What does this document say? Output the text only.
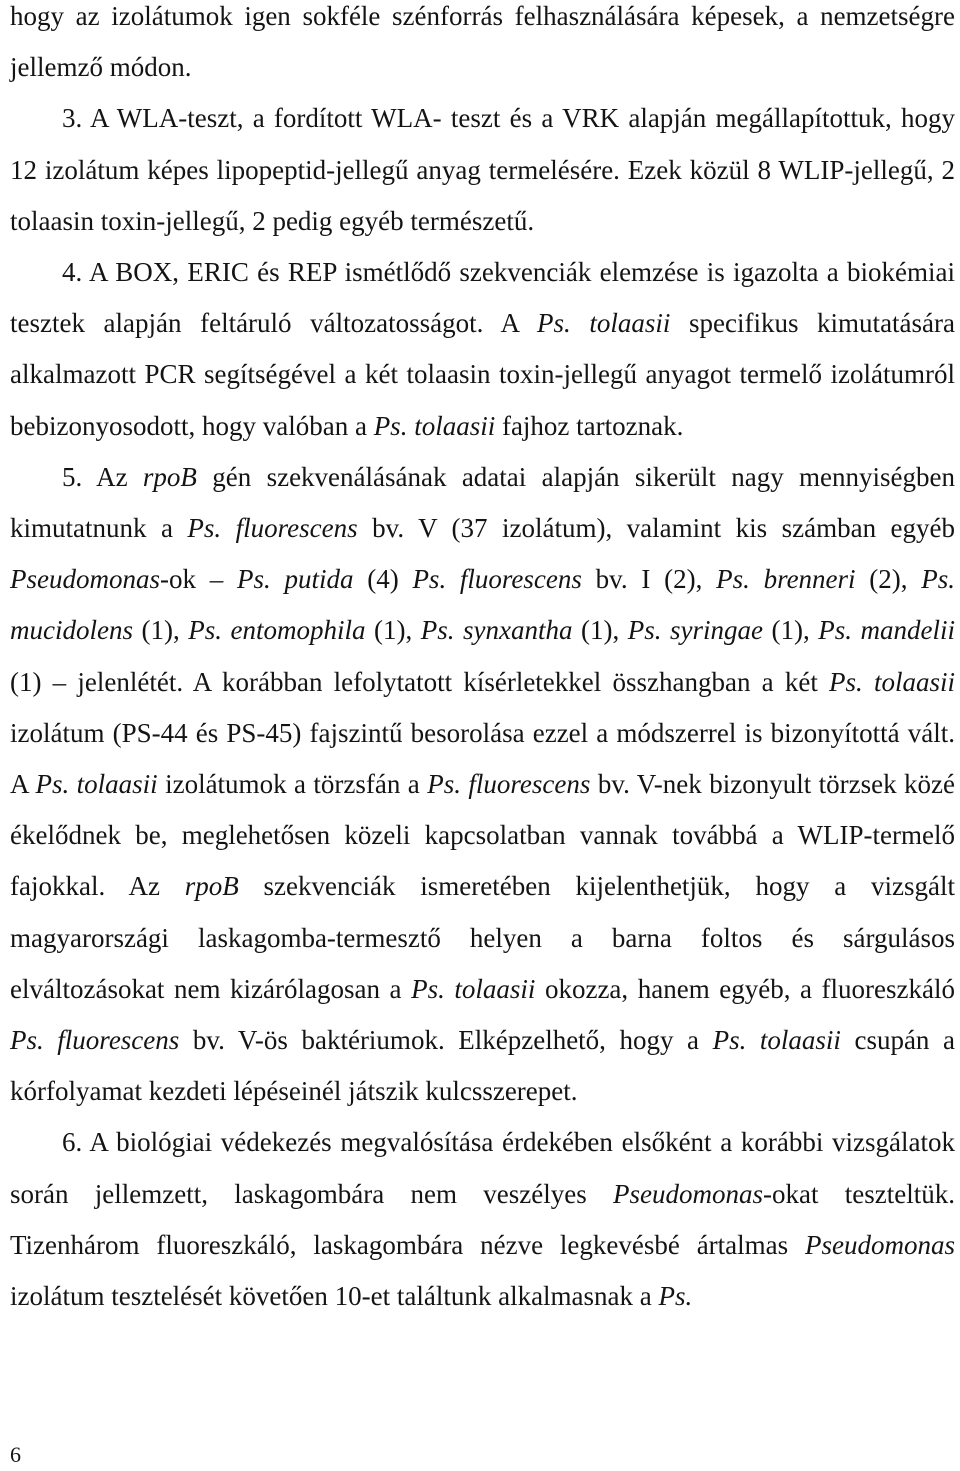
hogy az izolátumok igen sokféle szénforrás felhasználására képesek, a nemzetségre jellemző módon.

3. A WLA-teszt, a fordított WLA- teszt és a VRK alapján megállapítottuk, hogy 12 izolátum képes lipopeptid-jellegű anyag termelésére. Ezek közül 8 WLIP-jellegű, 2 tolaasin toxin-jellegű, 2 pedig egyéb természetű.

4. A BOX, ERIC és REP ismétlődő szekvenciák elemzése is igazolta a biokémiai tesztek alapján feltáruló változatosságot. A Ps. tolaasii specifikus kimutatására alkalmazott PCR segítségével a két tolaasin toxin-jellegű anyagot termelő izolátumról bebizonyosodott, hogy valóban a Ps. tolaasii fajhoz tartoznak.

5. Az rpoB gén szekvenálásának adatai alapján sikerült nagy mennyiségben kimutatnunk a Ps. fluorescens bv. V (37 izolátum), valamint kis számban egyéb Pseudomonas-ok – Ps. putida (4) Ps. fluorescens bv. I (2), Ps. brenneri (2), Ps. mucidolens (1), Ps. entomophila (1), Ps. synxantha (1), Ps. syringae (1), Ps. mandelii (1) – jelenlétét. A korábban lefolytatott kísérletekkel összhangban a két Ps. tolaasii izolátum (PS-44 és PS-45) fajszintű besorolása ezzel a módszerrel is bizonyítottá vált. A Ps. tolaasii izolátumok a törzsfán a Ps. fluorescens bv. V-nek bizonyult törzsek közé ékelődnek be, meglehetősen közeli kapcsolatban vannak továbbá a WLIP-termelő fajokkal. Az rpoB szekvenciák ismeretében kijelenthetjük, hogy a vizsgált magyarországi laskagomba-termesztő helyen a barna foltos és sárgulásos elváltozásokat nem kizárólagosan a Ps. tolaasii okozza, hanem egyéb, a fluoreszkáló Ps. fluorescens bv. V-ös baktériumok. Elképzelhető, hogy a Ps. tolaasii csupán a kórfolyamat kezdeti lépéseinél játszik kulcsszerepet.

6. A biológiai védekezés megvalósítása érdekében elsőként a korábbi vizsgálatok során jellemzett, laskagombára nem veszélyes Pseudomonas-okat teszteltük. Tizenhárom fluoreszkáló, laskagombára nézve legkevésbé ártalmas Pseudomonas izolátum tesztelését követően 10-et találtunk alkalmasnak a Ps.

6
